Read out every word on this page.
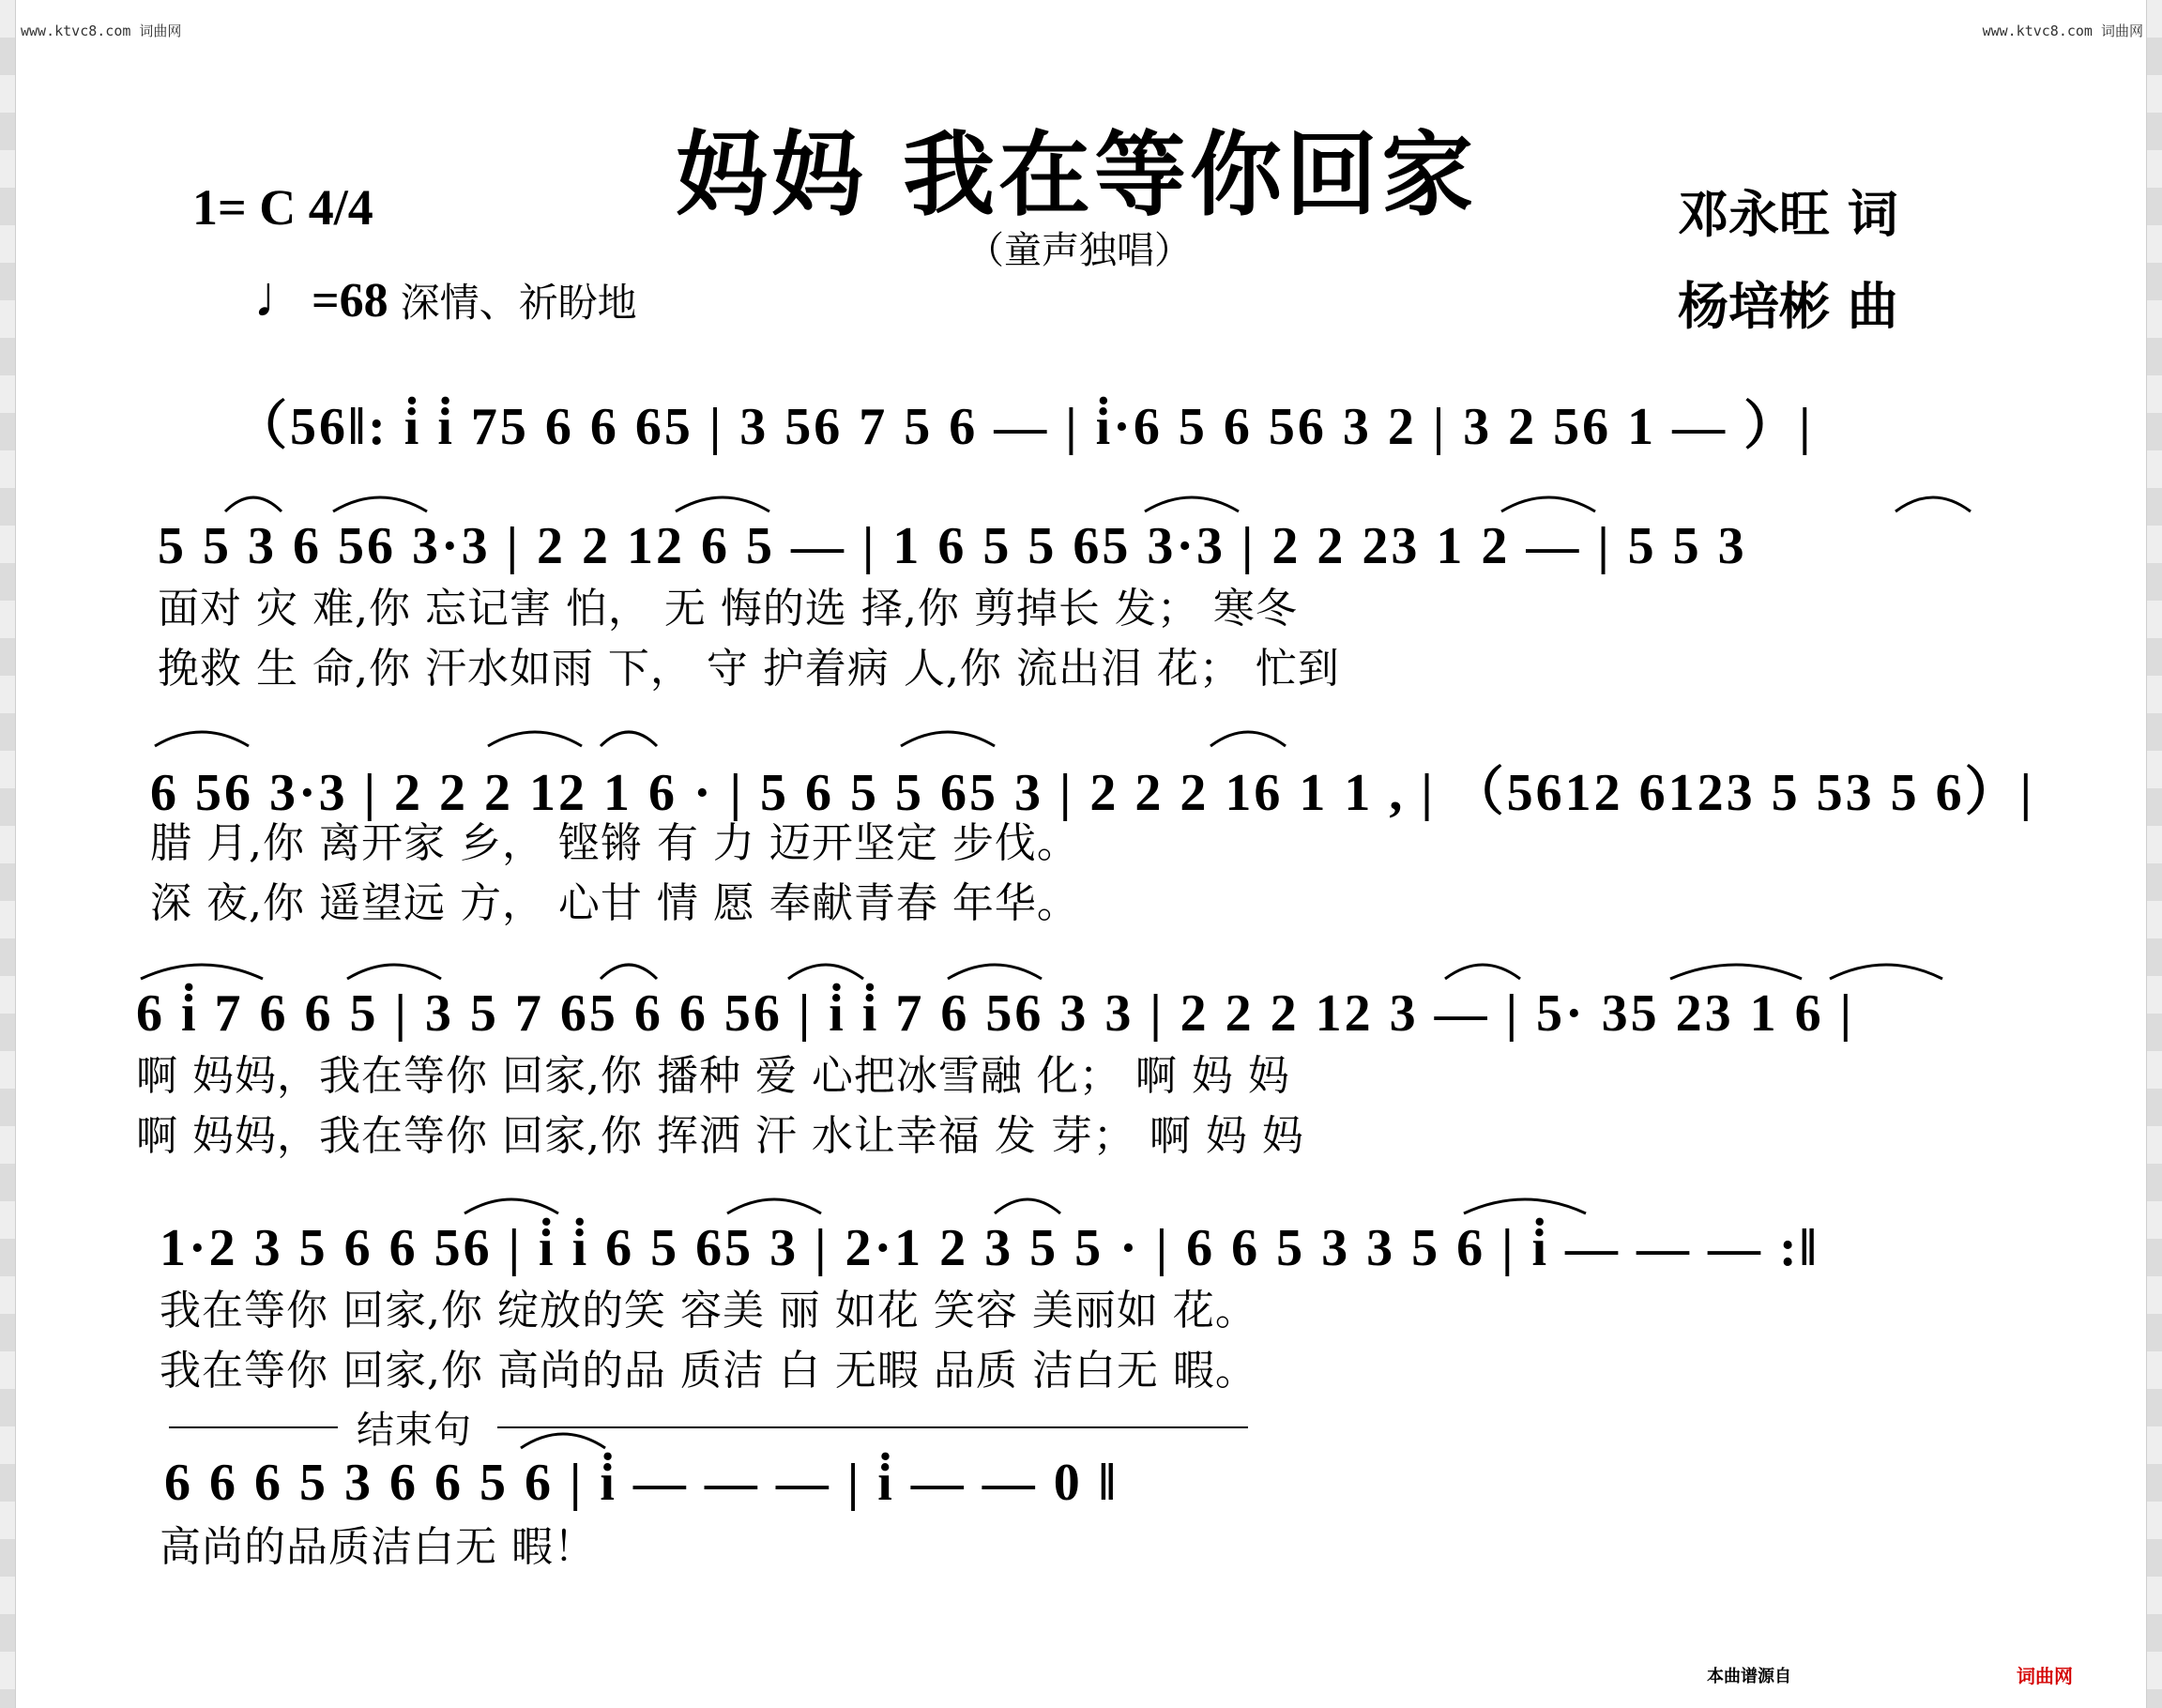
www.ktvc8.com 词曲网	www.ktvc8.com 词曲网
妈妈 我在等你回家
（童声独唱）
1= C 4/4
♩=68 深情、祈盼地
邓永旺 词
杨培彬 曲
（56‖: i̇ i̇ 75 6 6 65 | 3 56 7 5 6 — | i̇·6 5 6 56 3 2 | 3 2 56 1 — ）|
5 5 3 6 56 3·3 | 2 2 12 6 5 — | 1 6 5 5 65 3·3 | 2 2 23 1 2 — | 5 5 3
面对 灾 难,你 忘记害 怕， 无 悔的选 择,你 剪掉长 发； 寒冬
挽救 生 命,你 汗水如雨 下， 守 护着病 人,你 流出泪 花； 忙到
6 56 3·3 | 2 2 2 12 1 6 · | 5 6 5 5 65 3 | 2 2 2 16 1 1 , | （5612 6123 5 53 5 6）|
腊 月,你 离开家 乡， 铿锵 有 力 迈开坚定 步伐。
深 夜,你 遥望远 方， 心甘 情 愿 奉献青春 年华。
6 i̇ 7 6 6 5 | 3 5 7 65 6 6 56 | i̇ i̇ 7 6 56 3 3 | 2 2 2 12 3 — | 5· 35 23 1 6 |
啊 妈妈，我在等你 回家,你 播种 爱 心把冰雪融 化； 啊 妈 妈
啊 妈妈，我在等你 回家,你 挥洒 汗 水让幸福 发 芽； 啊 妈 妈
1·2 3 5 6 6 56 | i̇ i̇ 6 5 65 3 | 2·1 2 3 5 5 · | 6 6 5 3 3 5 6 | i̇ — — — :‖
我在等你 回家,你 绽放的笑 容美 丽 如花 笑容 美丽如 花。
我在等你 回家,你 高尚的品 质洁 白 无暇 品质 洁白无 暇。
结束句
6 6 6 5 3 6 6 5 6 | i̇ — — — | i̇ — — 0 ‖
高尚的品质洁白无 暇！
本曲谱源自	词曲网
